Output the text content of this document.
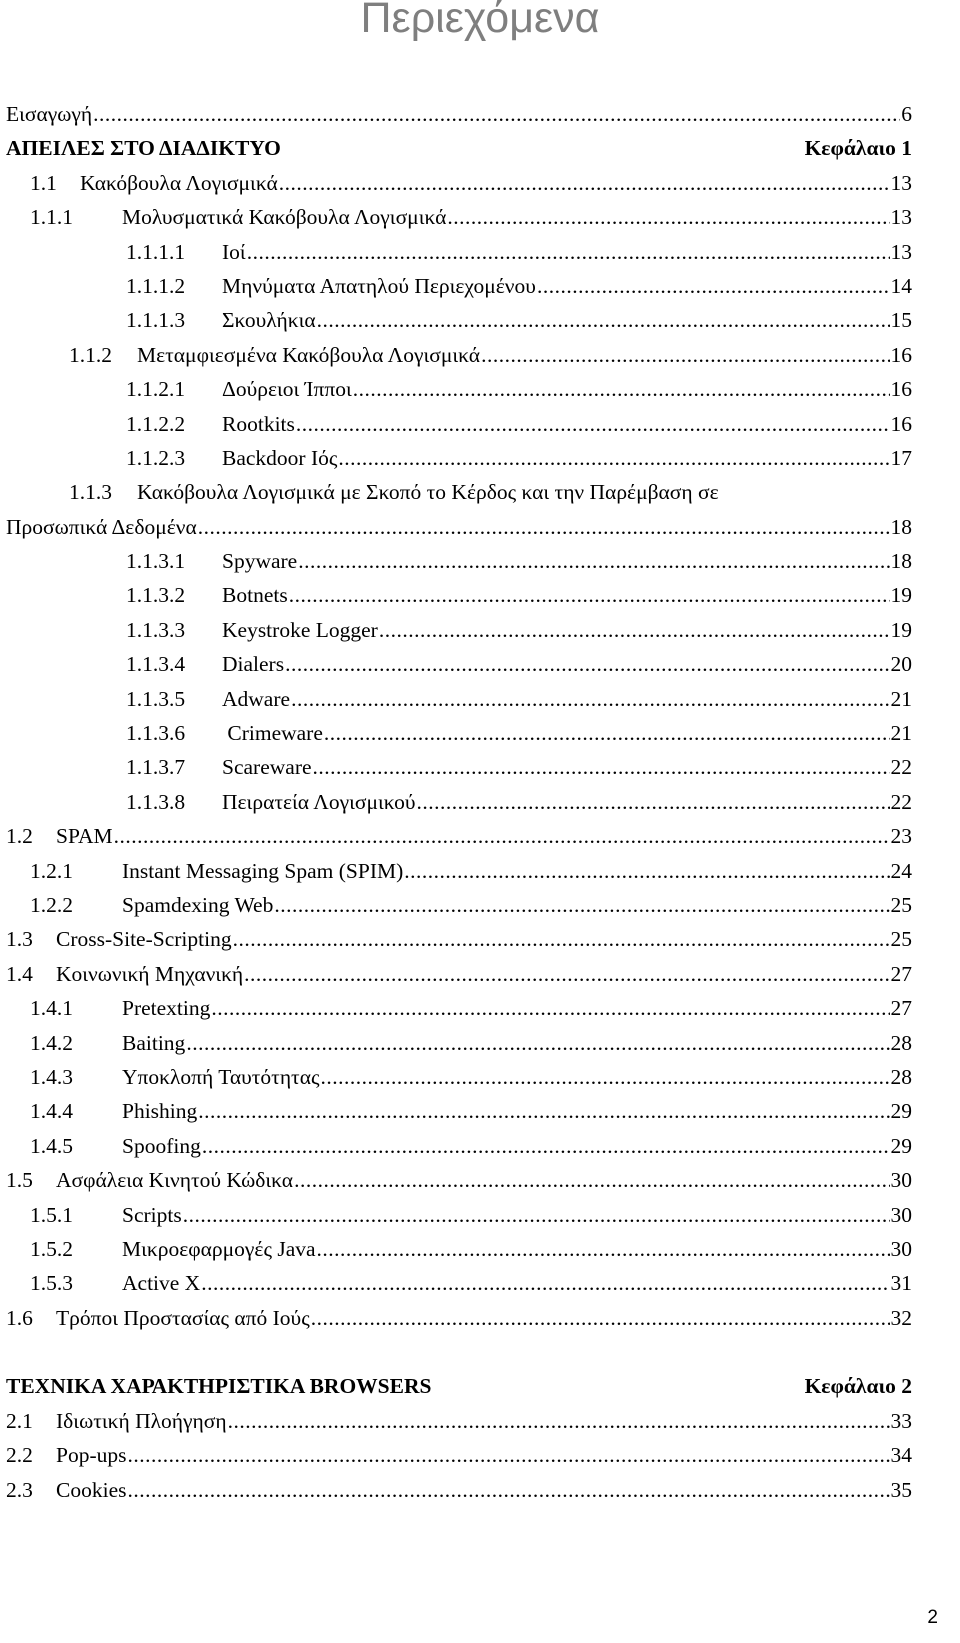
Περιεχόμενα
Εισαγωγή .....	6
ΑΠΕΙΛΕΣ ΣΤΟ ΔΙΑΔΙΚΤΥΟ	Κεφάλαιο 1
1.1	Κακόβουλα Λογισμικά .....	13
1.1.1	Μολυσματικά Κακόβουλα Λογισμικά .....	13
1.1.1.1	Ιοί .....	13
1.1.1.2	Μηνύματα Απατηλού Περιεχομένου .....	14
1.1.1.3	Σκουλήκια .....	15
1.1.2	Μεταμφιεσμένα Κακόβουλα Λογισμικά .....	16
1.1.2.1	Δούρειοι Ίπποι .....	16
1.1.2.2	Rootkits .....	16
1.1.2.3	Backdoor Ιός .....	17
1.1.3	Κακόβουλα Λογισμικά με Σκοπό το Κέρδος και την Παρέμβαση σε
Προσωπικά Δεδομένα .....	18
1.1.3.1	Spyware .....	18
1.1.3.2	Botnets .....	19
1.1.3.3	Keystroke Logger .....	19
1.1.3.4	Dialers .....	20
1.1.3.5	Adware .....	21
1.1.3.6	Crimeware .....	21
1.1.3.7	Scareware .....	22
1.1.3.8	Πειρατεία Λογισμικού .....	22
1.2	SPAM .....	23
1.2.1	Instant Messaging Spam (SPIM) .....	24
1.2.2	Spamdexing Web .....	25
1.3	Cross-Site-Scripting .....	25
1.4	Κοινωνική Μηχανική .....	27
1.4.1	Pretexting .....	27
1.4.2	Baiting .....	28
1.4.3	Υποκλοπή Ταυτότητας .....	28
1.4.4	Phishing .....	29
1.4.5	Spoofing .....	29
1.5	Ασφάλεια Κινητού Κώδικα .....	30
1.5.1	Scripts .....	30
1.5.2	Μικροεφαρμογές Java .....	30
1.5.3	Active X .....	31
1.6	Τρόποι Προστασίας από Ιούς .....	32
ΤΕΧΝΙΚΑ ΧΑΡΑΚΤΗΡΙΣΤΙΚΑ BROWSERS	Κεφάλαιο 2
2.1	Ιδιωτική Πλοήγηση .....	33
2.2	Pop-ups .....	34
2.3	Cookies .....	35
2
